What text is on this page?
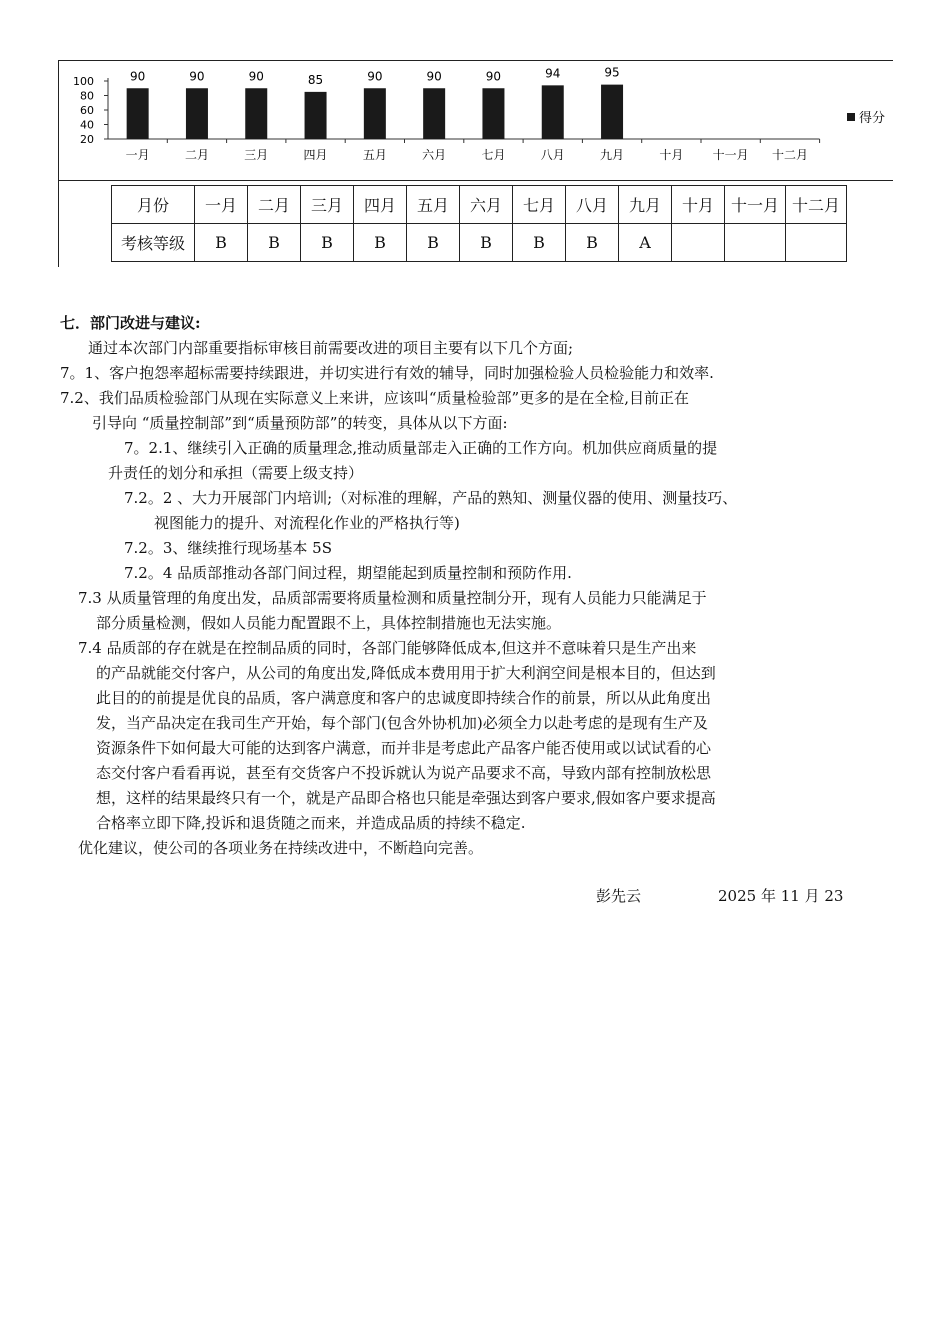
100
80
60
40
20
一月
90
二月
90
三月
90
四月
85
五月
90
六月
90
七月
90
八月
94
九月
95
十月 十一月 十二月
得分
月份	一月	二月	三月	四月	五月	六月	七月	八月	九月	十月	十一月	十二月
考核等级	B	B	B	B	B	B	B	B	A			
七．部门改进与建议:
通过本次部门内部重要指标审核目前需要改进的项目主要有以下几个方面;
7。1、客户抱怨率超标需要持续跟进，并切实进行有效的辅导，同时加强检验人员检验能力和效率.
7.2、我们品质检验部门从现在实际意义上来讲，应该叫“质量检验部”更多的是在全检,目前正在
引导向 “质量控制部”到“质量预防部”的转变，具体从以下方面:
7。2.1、继续引入正确的质量理念,推动质量部走入正确的工作方向。机加供应商质量的提
升责任的划分和承担（需要上级支持）
7.2。2 、大力开展部门内培训;（对标准的理解，产品的熟知、测量仪器的使用、测量技巧、
视图能力的提升、对流程化作业的严格执行等)
7.2。3、继续推行现场基本 5S
7.2。4 品质部推动各部门间过程，期望能起到质量控制和预防作用.
7.3 从质量管理的角度出发，品质部需要将质量检测和质量控制分开，现有人员能力只能满足于
部分质量检测，假如人员能力配置跟不上，具体控制措施也无法实施。
7.4 品质部的存在就是在控制品质的同时，各部门能够降低成本,但这并不意味着只是生产出来
的产品就能交付客户，从公司的角度出发,降低成本费用用于扩大利润空间是根本目的，但达到
此目的的前提是优良的品质，客户满意度和客户的忠诚度即持续合作的前景，所以从此角度出
发，当产品决定在我司生产开始，每个部门(包含外协机加)必须全力以赴考虑的是现有生产及
资源条件下如何最大可能的达到客户满意，而并非是考虑此产品客户能否使用或以试试看的心
态交付客户看看再说，甚至有交货客户不投诉就认为说产品要求不高，导致内部有控制放松思
想，这样的结果最终只有一个，就是产品即合格也只能是牵强达到客户要求,假如客户要求提高
合格率立即下降,投诉和退货随之而来，并造成品质的持续不稳定.
优化建议，使公司的各项业务在持续改进中，不断趋向完善。
彭先云	2025 年 11 月 23
